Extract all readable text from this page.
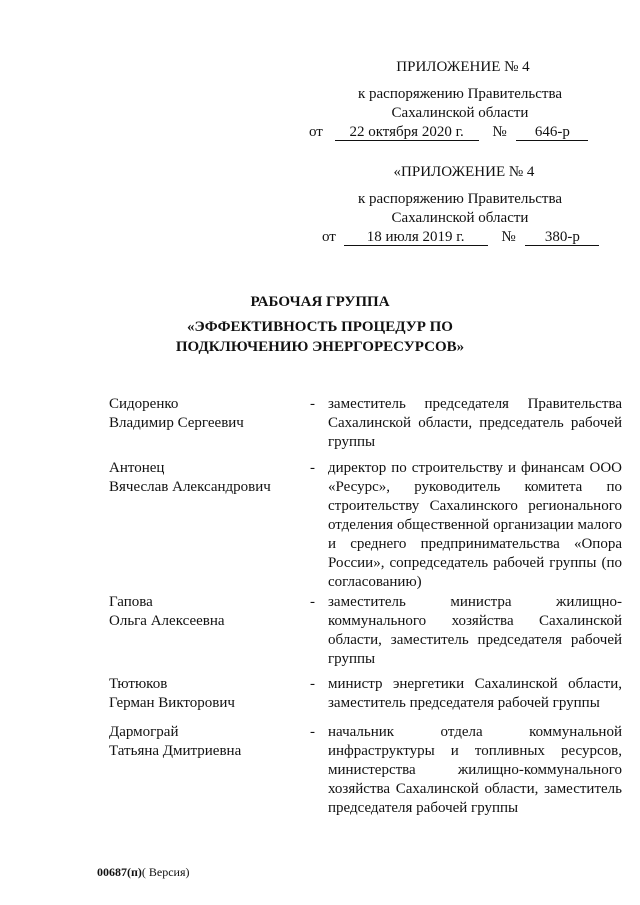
ПРИЛОЖЕНИЕ № 4
к распоряжению Правительства
Сахалинской области
от 22 октября 2020 г. № 646-р
«ПРИЛОЖЕНИЕ № 4
к распоряжению Правительства
Сахалинской области
от 18 июля 2019 г. № 380-р
РАБОЧАЯ ГРУППА
«ЭФФЕКТИВНОСТЬ ПРОЦЕДУР ПО
ПОДКЛЮЧЕНИЮ ЭНЕРГОРЕСУРСОВ»
Сидоренко
Владимир Сергеевич
- заместитель председателя Правительства Сахалинской области, председатель рабочей группы
Антонец
Вячеслав Александрович
- директор по строительству и финансам ООО «Ресурс», руководитель комитета по строительству Сахалинского регионального отделения общественной организации малого и среднего предпринимательства «Опора России», сопредседатель рабочей группы (по согласованию)
Гапова
Ольга Алексеевна
- заместитель министра жилищно-коммунального хозяйства Сахалинской области, заместитель председателя рабочей группы
Тютюков
Герман Викторович
- министр энергетики Сахалинской области, заместитель председателя рабочей группы
Дармограй
Татьяна Дмитриевна
- начальник отдела коммунальной инфраструктуры и топливных ресурсов, министерства жилищно-коммунального хозяйства Сахалинской области, заместитель председателя рабочей группы
00687(п)( Версия)
